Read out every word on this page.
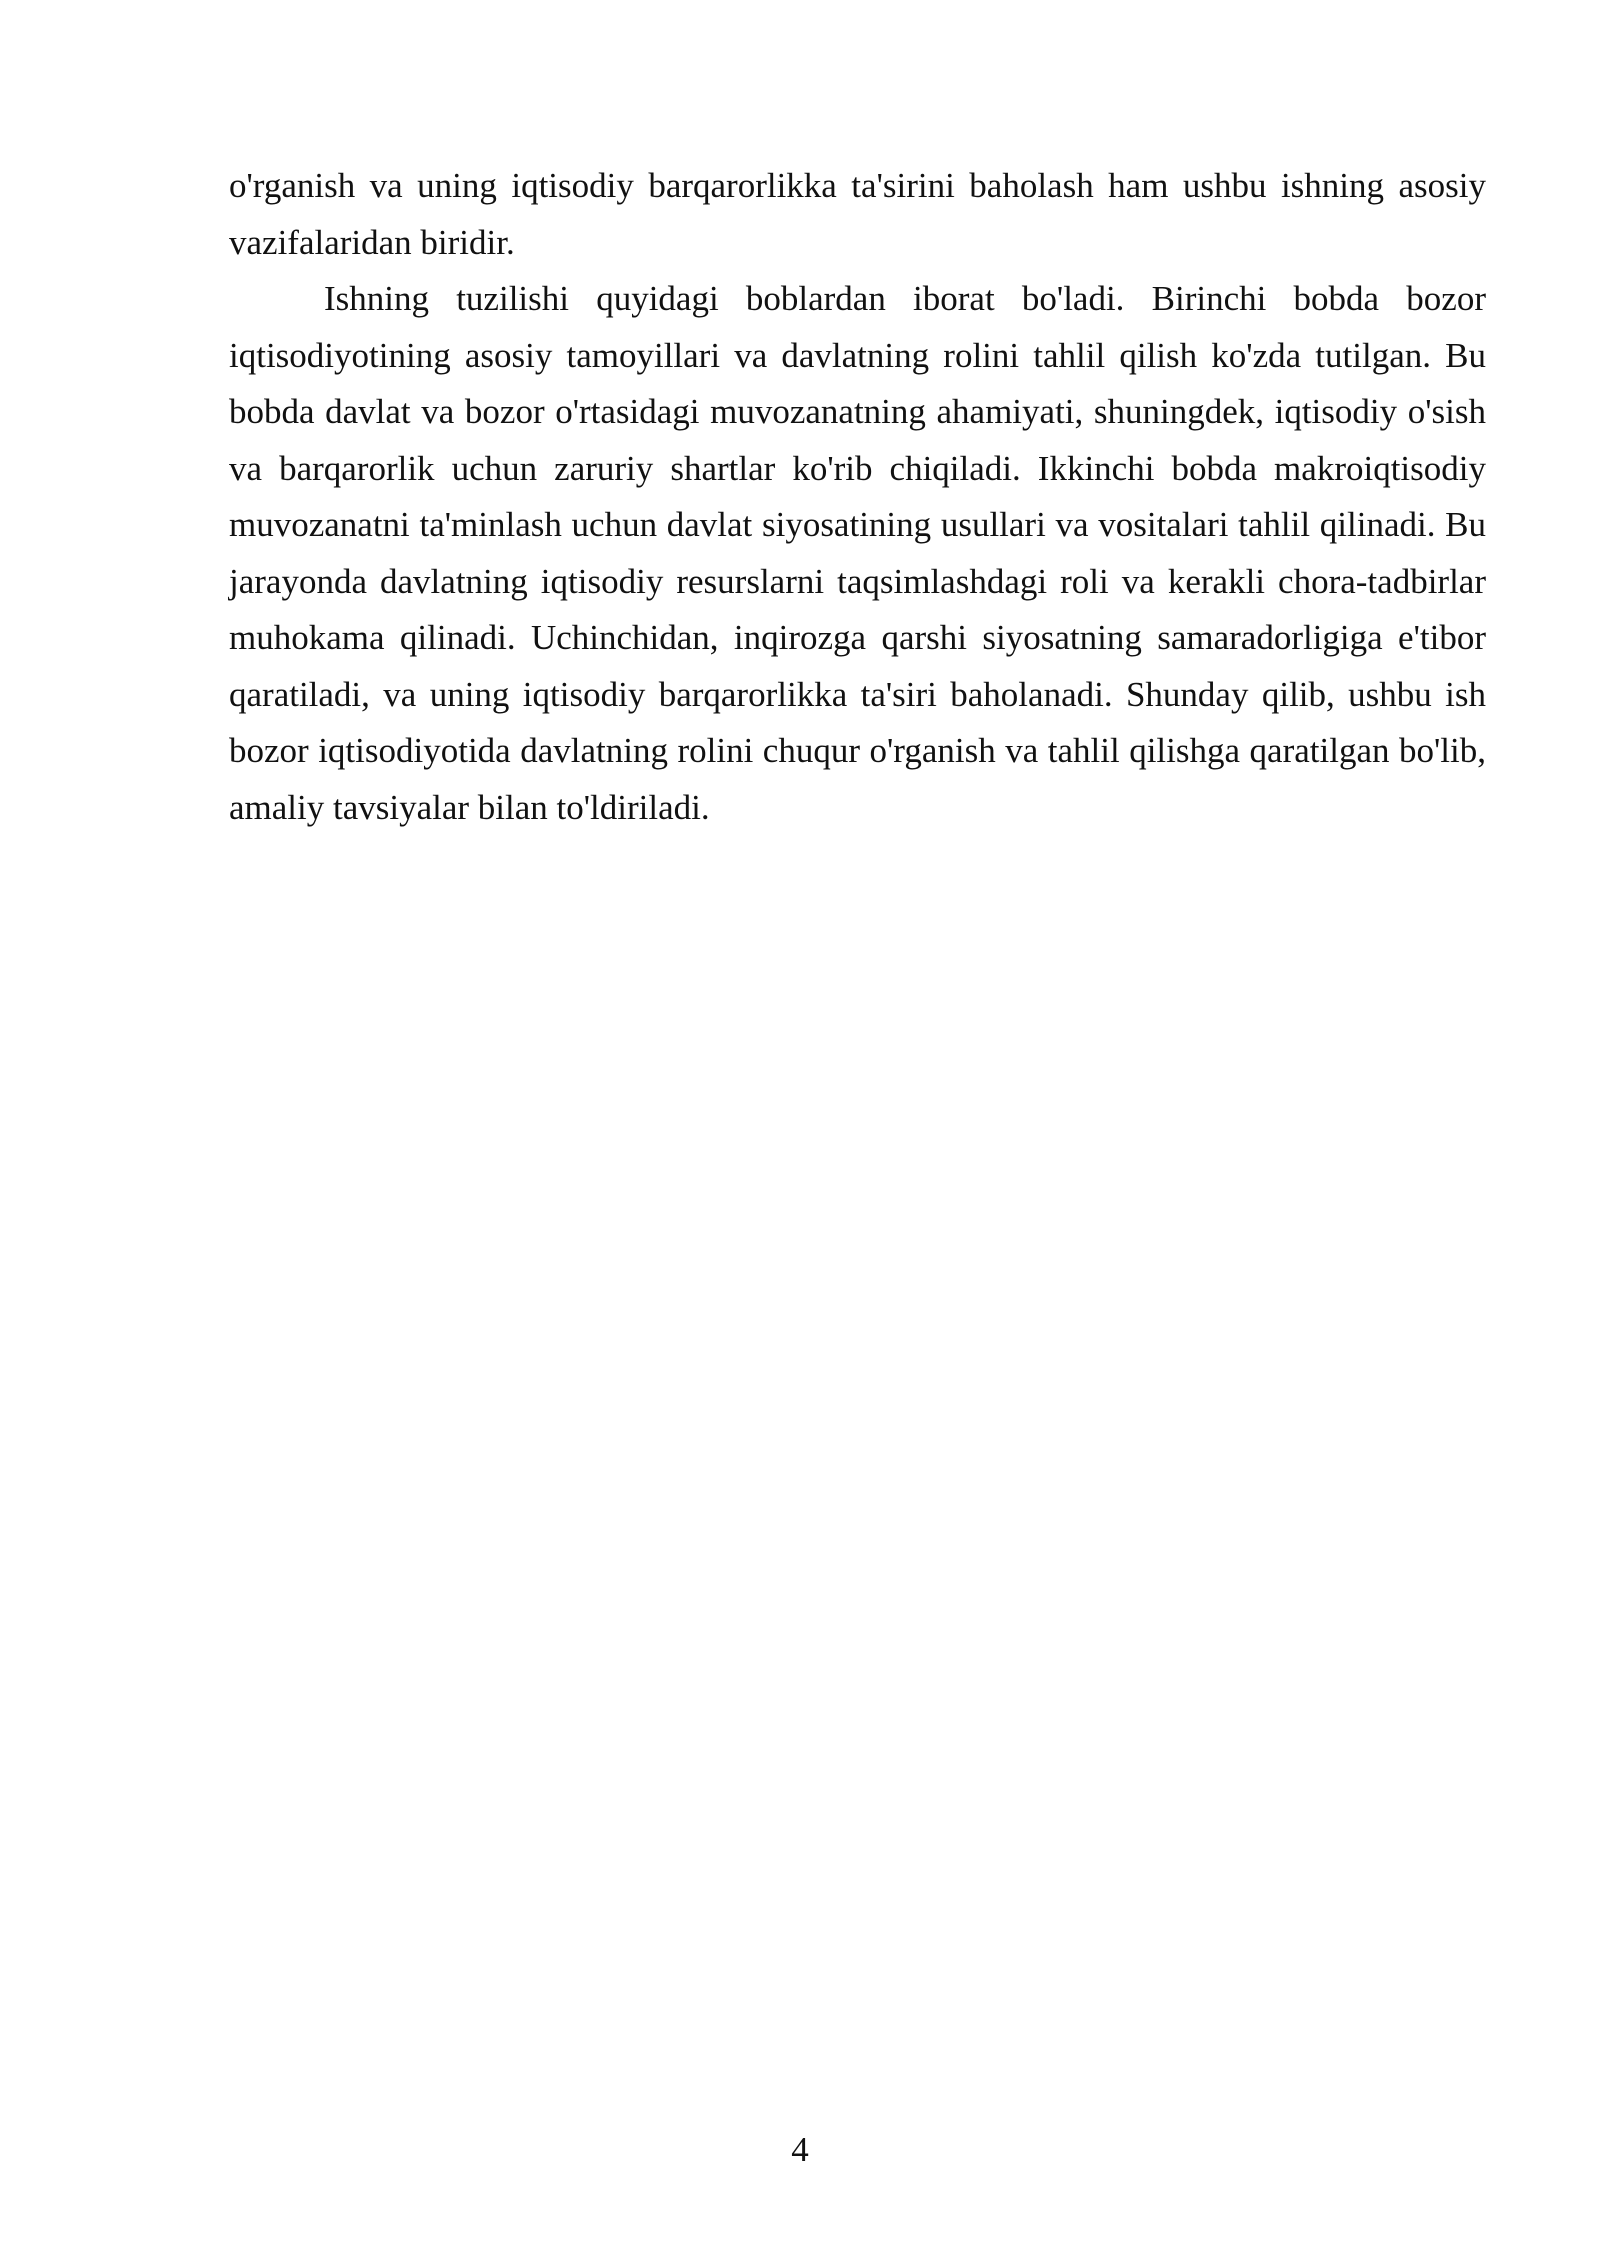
o'rganish va uning iqtisodiy barqarorlikka ta'sirini baholash ham ushbu ishning asosiy vazifalaridan biridir.

Ishning tuzilishi quyidagi boblardan iborat bo'ladi. Birinchi bobda bozor iqtisodiyotining asosiy tamoyillari va davlatning rolini tahlil qilish ko'zda tutilgan. Bu bobda davlat va bozor o'rtasidagi muvozanatning ahamiyati, shuningdek, iqtisodiy o'sish va barqarorlik uchun zaruriy shartlar ko'rib chiqiladi. Ikkinchi bobda makroiqtisodiy muvozanatni ta'minlash uchun davlat siyosatining usullari va vositalari tahlil qilinadi. Bu jarayonda davlatning iqtisodiy resurslarni taqsimlashdagi roli va kerakli chora-tadbirlar muhokama qilinadi. Uchinchidan, inqirozga qarshi siyosatning samaradorligiga e'tibor qaratiladi, va uning iqtisodiy barqarorlikka ta'siri baholanadi. Shunday qilib, ushbu ish bozor iqtisodiyotida davlatning rolini chuqur o'rganish va tahlil qilishga qaratilgan bo'lib, amaliy tavsiyalar bilan to'ldiriladi.

4
